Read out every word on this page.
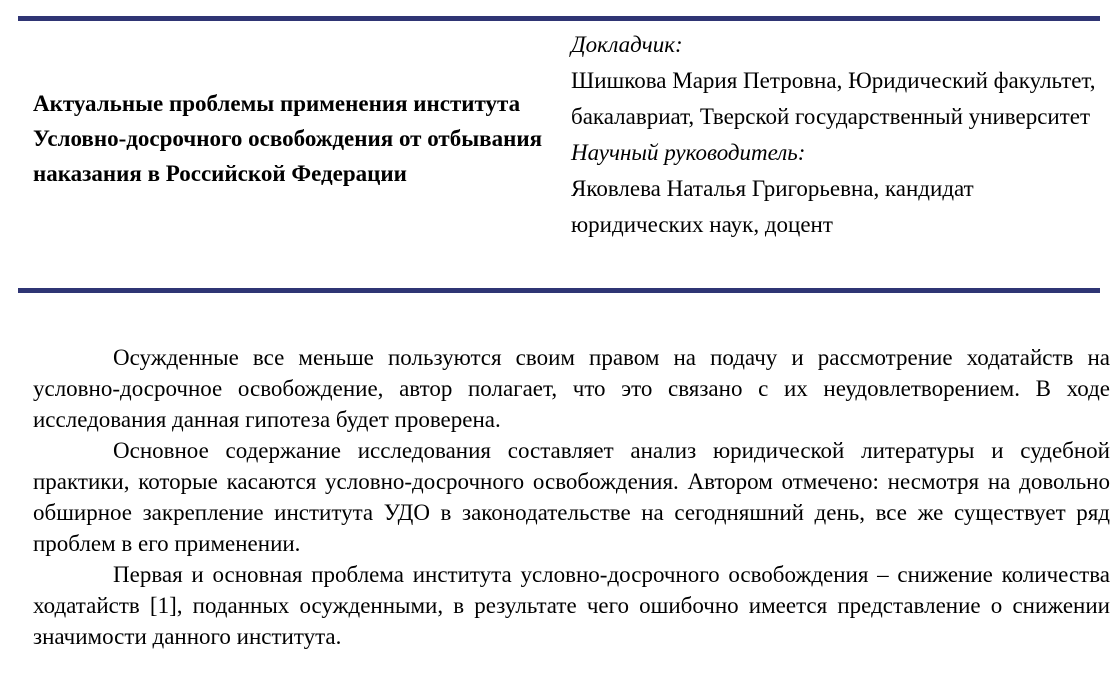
Актуальные проблемы применения института Условно-досрочного освобождения от отбывания наказания в Российской Федерации
Докладчик:
Шишкова Мария Петровна, Юридический факультет, бакалавриат, Тверской государственный университет
Научный руководитель:
Яковлева Наталья Григорьевна, кандидат юридических наук, доцент

Осужденные все меньше пользуются своим правом на подачу и рассмотрение ходатайств на условно-досрочное освобождение, автор полагает, что это связано с их неудовлетворением. В ходе исследования данная гипотеза будет проверена.

Основное содержание исследования составляет анализ юридической литературы и судебной практики, которые касаются условно-досрочного освобождения. Автором отмечено: несмотря на довольно обширное закрепление института УДО в законодательстве на сегодняшний день, все же существует ряд проблем в его применении.

Первая и основная проблема института условно-досрочного освобождения – снижение количества ходатайств [1], поданных осужденными, в результате чего ошибочно имеется представление о снижении значимости данного института.
